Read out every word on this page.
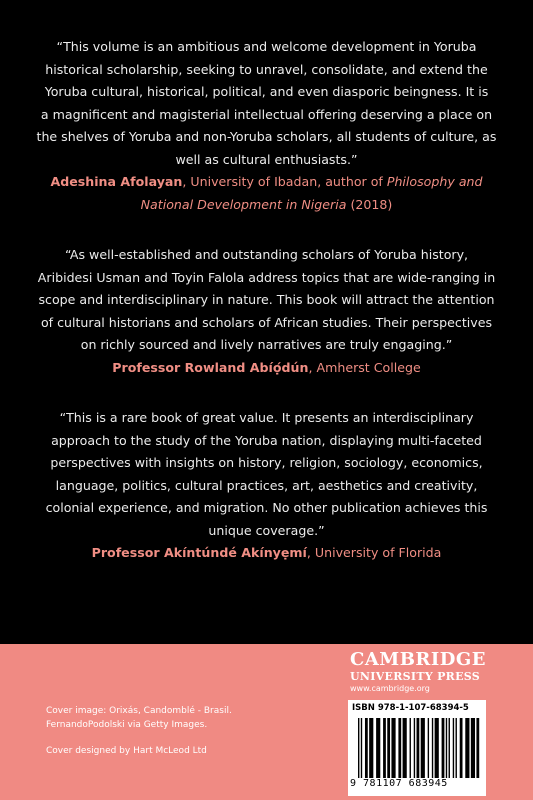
“This volume is an ambitious and welcome development in Yoruba

historical scholarship, seeking to unravel, consolidate, and extend the

Yoruba cultural, historical, political, and even diasporic beingness. It is

a magnificent and magisterial intellectual offering deserving a place on

the shelves of Yoruba and non-Yoruba scholars, all students of culture, as

well as cultural enthusiasts.”

Adeshina Afolayan, University of Ibadan, author of Philosophy and

National Development in Nigeria (2018)

“As well-established and outstanding scholars of Yoruba history,

Aribidesi Usman and Toyin Falola address topics that are wide-ranging in

scope and interdisciplinary in nature. This book will attract the attention

of cultural historians and scholars of African studies. Their perspectives

on richly sourced and lively narratives are truly engaging.”

Professor Rowland Abíọ́dún, Amherst College

“This is a rare book of great value. It presents an interdisciplinary

approach to the study of the Yoruba nation, displaying multi-faceted

perspectives with insights on history, religion, sociology, economics,

language, politics, cultural practices, art, aesthetics and creativity,

colonial experience, and migration. No other publication achieves this

unique coverage.”

Professor Akíntúndé Akínyẹmí, University of Florida

Cover image: Orixás, Candomblé - Brasil.

FernandoPodolski via Getty Images.

Cover designed by Hart McLeod Ltd

CAMBRIDGE
UNIVERSITY PRESS
www.cambridge.org
ISBN 978-1-107-68394-5
9 781107 683945
